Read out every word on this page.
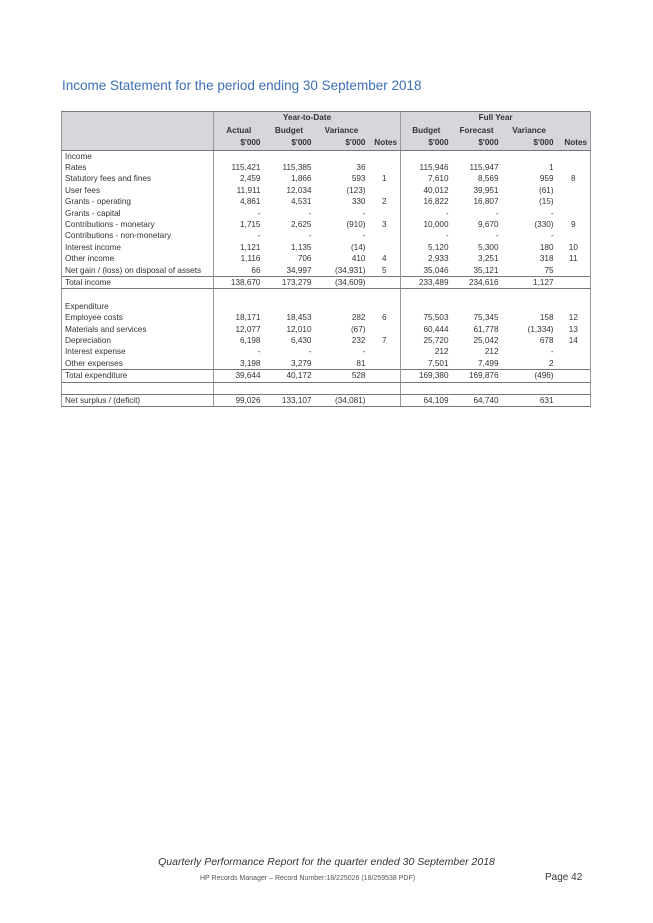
Income Statement for the period ending 30 September 2018
	Year-to-Date				Full Year			
	Actual	Budget	Variance		Budget	Forecast	Variance	
	$'000	$'000	$'000	Notes	$'000	$'000	$'000	Notes
Income								
Rates	115,421	115,385	36		115,946	115,947	1	
Statutory fees and fines	2,459	1,866	593	1	7,610	8,569	959	8
User fees	11,911	12,034	(123)		40,012	39,951	(61)	
Grants - operating	4,861	4,531	330	2	16,822	16,807	(15)	
Grants - capital	-	-	-		-	-	-	
Contributions - monetary	1,715	2,625	(910)	3	10,000	9,670	(330)	9
Contributions - non-monetary	-	-	-		-	-	-	
Interest income	1,121	1,135	(14)		5,120	5,300	180	10
Other income	1,116	706	410	4	2,933	3,251	318	11
Net gain / (loss) on disposal of assets	66	34,997	(34,931)	5	35,046	35,121	75	
Total income	138,670	173,279	(34,609)		233,489	234,616	1,127	

Expenditure								
Employee costs	18,171	18,453	282	6	75,503	75,345	158	12
Materials and services	12,077	12,010	(67)		60,444	61,778	(1,334)	13
Depreciation	6,198	6,430	232	7	25,720	25,042	678	14
Interest expense	-	-	-		212	212	-	
Other expenses	3,198	3,279	81		7,501	7,499	2	
Total expenditure	39,644	40,172	528		169,380	169,876	(496)	

Net surplus / (deficit)	99,026	133,107	(34,081)		64,109	64,740	631	
Quarterly Performance Report for the quarter ended 30 September 2018
HP Records Manager – Record Number:18/225026 (18/259538 PDF)	Page 42
